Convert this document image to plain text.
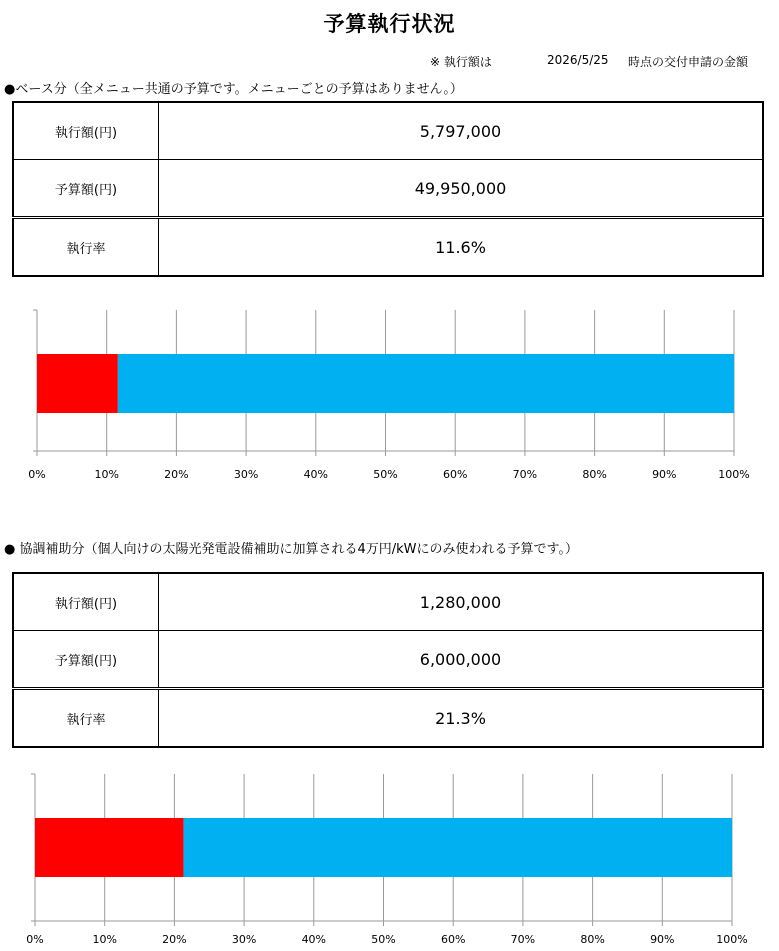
予算執行状況
※ 執行額は	2026/5/25 時点の交付申請の金額
●ベース分（全メニュー共通の予算です。メニューごとの予算はありません。）
執行額(円)	5,797,000
予算額(円)	49,950,000
執行率	11.6%
0%	10%	20%	30%	40%	50%	60%	70%	80%	90%	100%
● 協調補助分（個人向けの太陽光発電設備補助に加算される4万円/kWにのみ使われる予算です。）
執行額(円)	1,280,000
予算額(円)	6,000,000
執行率	21.3%
0%	10%	20%	30%	40%	50%	60%	70%	80%	90%	100%
